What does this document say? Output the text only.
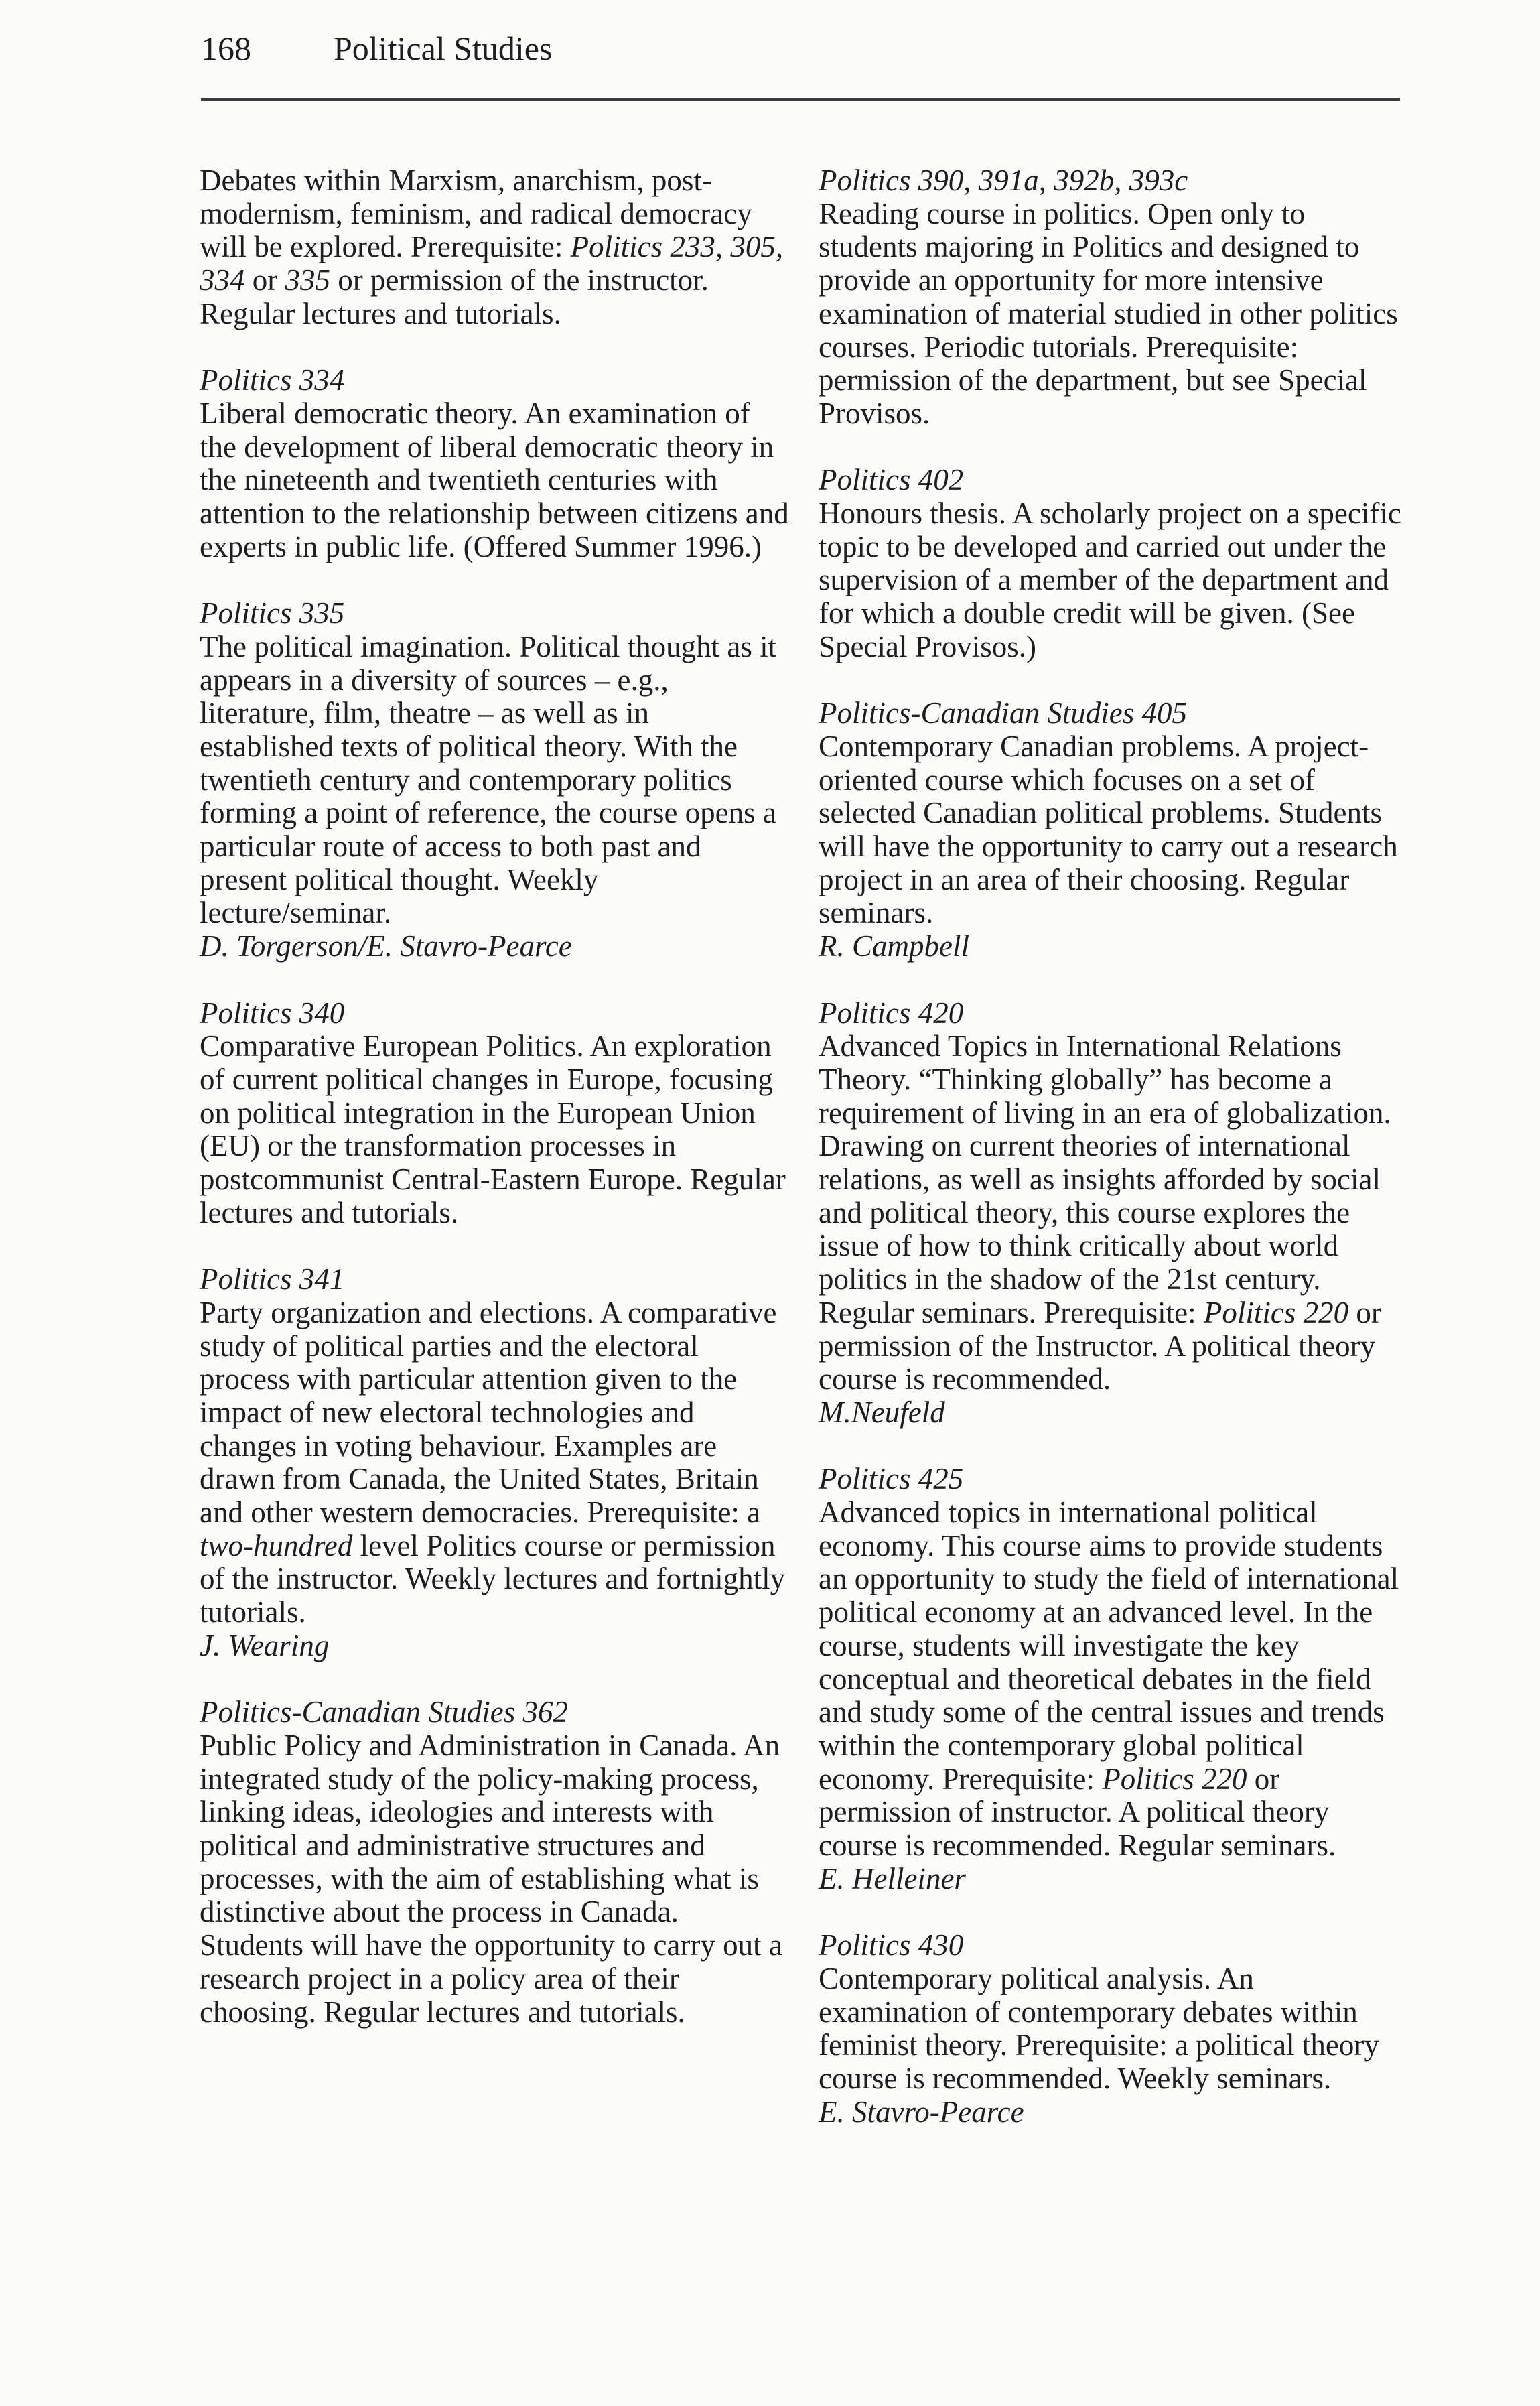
168 Political Studies

Debates within Marxism, anarchism, post-modernism, feminism, and radical democracy will be explored. Prerequisite: Politics 233, 305, 334 or 335 or permission of the instructor. Regular lectures and tutorials.

Politics 334

Liberal democratic theory. An examination of the development of liberal democratic theory in the nineteenth and twentieth centuries with attention to the relationship between citizens and experts in public life. (Offered Summer 1996.)

Politics 335

The political imagination. Political thought as it appears in a diversity of sources – e.g., literature, film, theatre – as well as in established texts of political theory. With the twentieth century and contemporary politics forming a point of reference, the course opens a particular route of access to both past and present political thought. Weekly lecture/seminar.

D. Torgerson/E. Stavro-Pearce

Politics 340

Comparative European Politics. An exploration of current political changes in Europe, focusing on political integration in the European Union (EU) or the transformation processes in postcommunist Central-Eastern Europe. Regular lectures and tutorials.

Politics 341

Party organization and elections. A comparative study of political parties and the electoral process with particular attention given to the impact of new electoral technologies and changes in voting behaviour. Examples are drawn from Canada, the United States, Britain and other western democracies. Prerequisite: a two-hundred level Politics course or permission of the instructor. Weekly lectures and fortnightly tutorials.

J. Wearing

Politics-Canadian Studies 362

Public Policy and Administration in Canada. An integrated study of the policy-making process, linking ideas, ideologies and interests with political and administrative structures and processes, with the aim of establishing what is distinctive about the process in Canada. Students will have the opportunity to carry out a research project in a policy area of their choosing. Regular lectures and tutorials.

Politics 390, 391a, 392b, 393c

Reading course in politics. Open only to students majoring in Politics and designed to provide an opportunity for more intensive examination of material studied in other politics courses. Periodic tutorials. Prerequisite: permission of the department, but see Special Provisos.

Politics 402

Honours thesis. A scholarly project on a specific topic to be developed and carried out under the supervision of a member of the department and for which a double credit will be given. (See Special Provisos.)

Politics-Canadian Studies 405

Contemporary Canadian problems. A project-oriented course which focuses on a set of selected Canadian political problems. Students will have the opportunity to carry out a research project in an area of their choosing. Regular seminars.

R. Campbell

Politics 420

Advanced Topics in International Relations Theory. “Thinking globally” has become a requirement of living in an era of globalization. Drawing on current theories of international relations, as well as insights afforded by social and political theory, this course explores the issue of how to think critically about world politics in the shadow of the 21st century. Regular seminars. Prerequisite: Politics 220 or permission of the Instructor. A political theory course is recommended.

M.Neufeld

Politics 425

Advanced topics in international political economy. This course aims to provide students an opportunity to study the field of international political economy at an advanced level. In the course, students will investigate the key conceptual and theoretical debates in the field and study some of the central issues and trends within the contemporary global political economy. Prerequisite: Politics 220 or permission of instructor. A political theory course is recommended. Regular seminars.

E. Helleiner

Politics 430

Contemporary political analysis. An examination of contemporary debates within feminist theory. Prerequisite: a political theory course is recommended. Weekly seminars.

E. Stavro-Pearce
